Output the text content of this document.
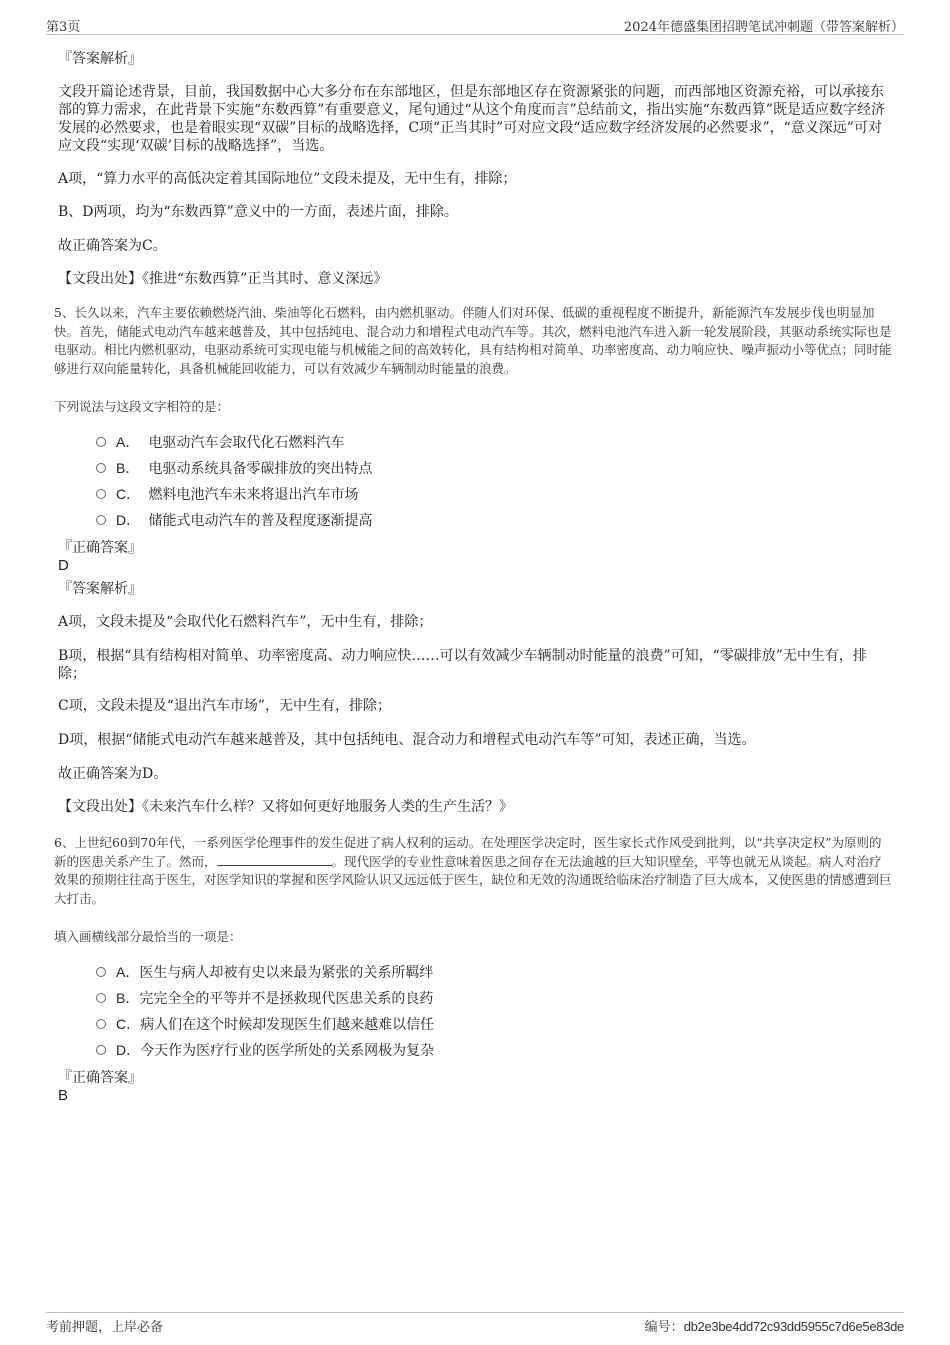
第3页	2024年德盛集团招聘笔试冲刺题（带答案解析）
『答案解析』
文段开篇论述背景，目前，我国数据中心大多分布在东部地区，但是东部地区存在资源紧张的问题，而西部地区资源充裕，可以承接东部的算力需求，在此背景下实施“东数西算”有重要意义，尾句通过“从这个角度而言”总结前文，指出实施“东数西算”既是适应数字经济发展的必然要求，也是着眼实现“双碳”目标的战略选择，C项“正当其时”可对应文段“适应数字经济发展的必然要求”，“意义深远”可对应文段“实现‘双碳’目标的战略选择”，当选。
A项，“算力水平的高低决定着其国际地位”文段未提及，无中生有，排除；
B、D两项，均为“东数西算”意义中的一方面，表述片面，排除。
故正确答案为C。
【文段出处】《推进“东数西算”正当其时、意义深远》
5、长久以来，汽车主要依赖燃烧汽油、柴油等化石燃料，由内燃机驱动。伴随人们对环保、低碳的重视程度不断提升，新能源汽车发展步伐也明显加快。首先，储能式电动汽车越来越普及，其中包括纯电、混合动力和增程式电动汽车等。其次，燃料电池汽车进入新一轮发展阶段，其驱动系统实际也是电驱动。相比内燃机驱动，电驱动系统可实现电能与机械能之间的高效转化，具有结构相对简单、功率密度高、动力响应快、噪声振动小等优点；同时能够进行双向能量转化，具备机械能回收能力，可以有效减少车辆制动时能量的浪费。
下列说法与这段文字相符的是：
A． 电驱动汽车会取代化石燃料汽车
B． 电驱动系统具备零碳排放的突出特点
C． 燃料电池汽车未来将退出汽车市场
D． 储能式电动汽车的普及程度逐渐提高
『正确答案』
D
『答案解析』
A项，文段未提及“会取代化石燃料汽车”，无中生有，排除；
B项，根据“具有结构相对简单、功率密度高、动力响应快……可以有效减少车辆制动时能量的浪费”可知，“零碳排放”无中生有，排除；
C项，文段未提及“退出汽车市场”，无中生有，排除；
D项，根据“储能式电动汽车越来越普及，其中包括纯电、混合动力和增程式电动汽车等”可知，表述正确，当选。
故正确答案为D。
【文段出处】《未来汽车什么样？又将如何更好地服务人类的生产生活？》
6、上世纪60到70年代，一系列医学伦理事件的发生促进了病人权利的运动。在处理医学决定时，医生家长式作风受到批判，以“共享决定权”为原则的新的医患关系产生了。然而，	。现代医学的专业性意味着医患之间存在无法逾越的巨大知识壁垒，平等也就无从谈起。病人对治疗效果的预期往往高于医生，对医学知识的掌握和医学风险认识又远远低于医生，缺位和无效的沟通既给临床治疗制造了巨大成本，又使医患的情感遭到巨大打击。
填入画横线部分最恰当的一项是：
A．医生与病人却被有史以来最为紧张的关系所羁绊
B．完完全全的平等并不是拯救现代医患关系的良药
C．病人们在这个时候却发现医生们越来越难以信任
D．今天作为医疗行业的医学所处的关系网极为复杂
『正确答案』
B
考前押题，上岸必备	编号：db2e3be4dd72c93dd5955c7d6e5e83de
